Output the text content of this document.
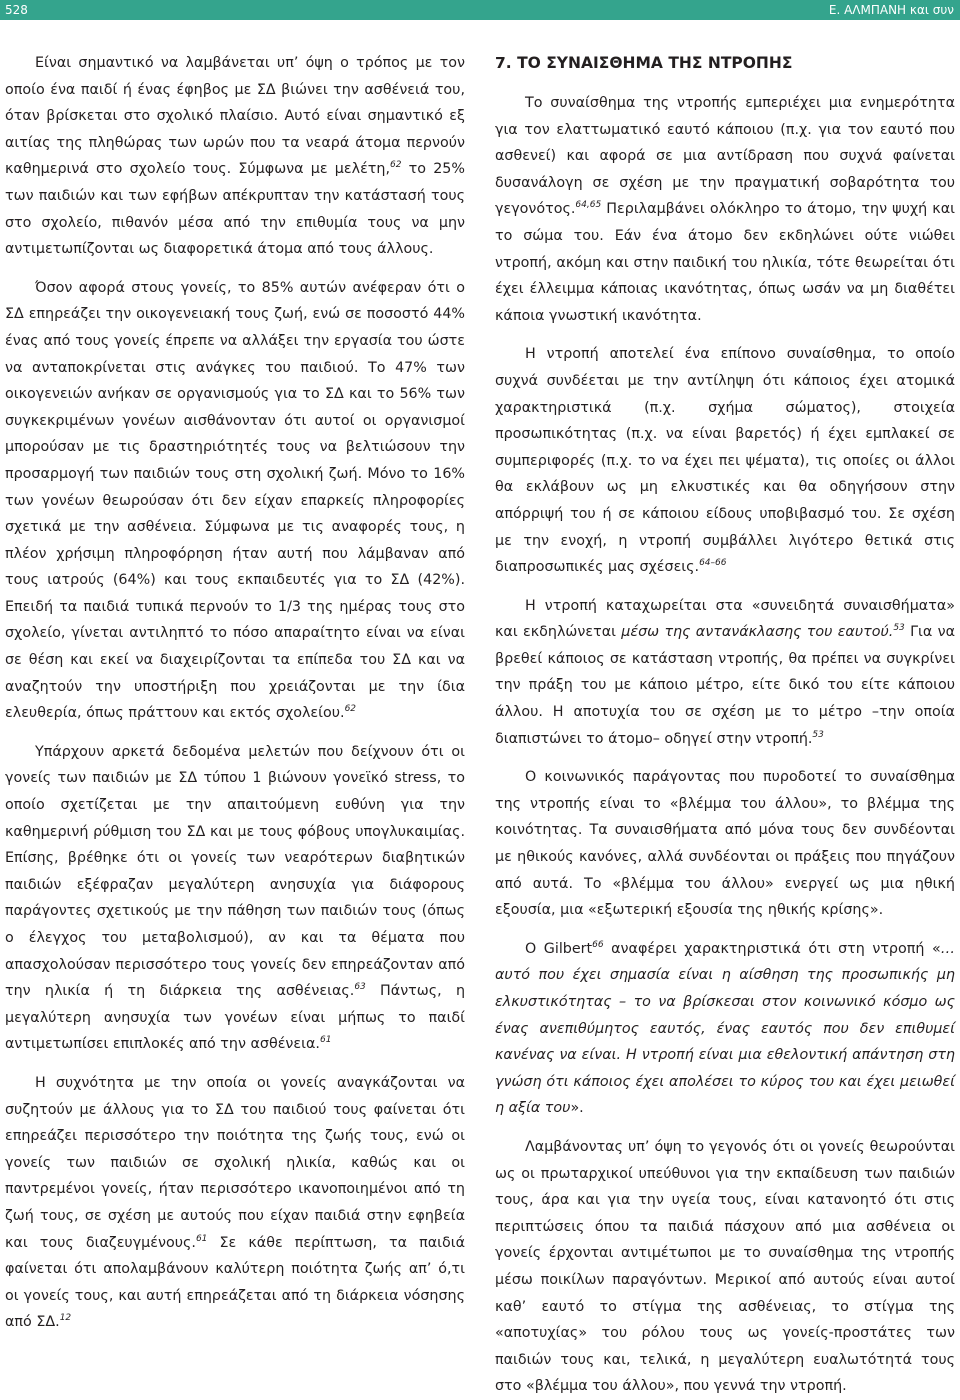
528	Ε. ΑΛΜΠΑΝΗ και συν

Είναι σημαντικό να λαμβάνεται υπ’ όψη ο τρόπος με τον οποίο ένα παιδί ή ένας έφηβος με ΣΔ βιώνει την ασθένειά του, όταν βρίσκεται στο σχολικό πλαίσιο. Αυτό είναι σημαντικό εξ αιτίας της πληθώρας των ωρών που τα νεαρά άτομα περνούν καθημερινά στο σχολείο τους. Σύμφωνα με μελέτη,$^{62}$ το 25% των παιδιών και των εφήβων απέκρυπταν την κατάστασή τους στο σχολείο, πιθανόν μέσα από την επιθυμία τους να μην αντιμετωπίζονται ως διαφορετικά άτομα από τους άλλους.

Όσον αφορά στους γονείς, το 85% αυτών ανέφεραν ότι ο ΣΔ επηρεάζει την οικογενειακή τους ζωή, ενώ σε ποσοστό 44% ένας από τους γονείς έπρεπε να αλλάξει την εργασία του ώστε να ανταποκρίνεται στις ανάγκες του παιδιού. Το 47% των οικογενειών ανήκαν σε οργανισμούς για το ΣΔ και το 56% των συγκεκριμένων γονέων αισθάνονταν ότι αυτοί οι οργανισμοί μπορούσαν με τις δραστηριότητές τους να βελτιώσουν την προσαρμογή των παιδιών τους στη σχολική ζωή. Μόνο το 16% των γονέων θεωρούσαν ότι δεν είχαν επαρκείς πληροφορίες σχετικά με την ασθένεια. Σύμφωνα με τις αναφορές τους, η πλέον χρήσιμη πληροφόρηση ήταν αυτή που λάμβαναν από τους ιατρούς (64%) και τους εκπαιδευτές για το ΣΔ (42%). Επειδή τα παιδιά τυπικά περνούν το 1/3 της ημέρας τους στο σχολείο, γίνεται αντιληπτό το πόσο απαραίτητο είναι να είναι σε θέση και εκεί να διαχειρίζονται τα επίπεδα του ΣΔ και να αναζητούν την υποστήριξη που χρειάζονται με την ίδια ελευθερία, όπως πράττουν και εκτός σχολείου.$^{62}$

Υπάρχουν αρκετά δεδομένα μελετών που δείχνουν ότι οι γονείς των παιδιών με ΣΔ τύπου 1 βιώνουν γονεϊκό stress, το οποίο σχετίζεται με την απαιτούμενη ευθύνη για την καθημερινή ρύθμιση του ΣΔ και με τους φόβους υπογλυκαιμίας. Επίσης, βρέθηκε ότι οι γονείς των νεαρότερων διαβητικών παιδιών εξέφραζαν μεγαλύτερη ανησυχία για διάφορους παράγοντες σχετικούς με την πάθηση των παιδιών τους (όπως ο έλεγχος του μεταβολισμού), αν και τα θέματα που απασχολούσαν περισσότερο τους γονείς δεν επηρεάζονταν από την ηλικία ή τη διάρκεια της ασθένειας.$^{63}$ Πάντως, η μεγαλύτερη ανησυχία των γονέων είναι μήπως το παιδί αντιμετωπίσει επιπλοκές από την ασθένεια.$^{61}$

Η συχνότητα με την οποία οι γονείς αναγκάζονται να συζητούν με άλλους για το ΣΔ του παιδιού τους φαίνεται ότι επηρεάζει περισσότερο την ποιότητα της ζωής τους, ενώ οι γονείς των παιδιών σε σχολική ηλικία, καθώς και οι παντρεμένοι γονείς, ήταν περισσότερο ικανοποιημένοι από τη ζωή τους, σε σχέση με αυτούς που είχαν παιδιά στην εφηβεία και τους διαζευγμένους.$^{61}$ Σε κάθε περίπτωση, τα παιδιά φαίνεται ότι απολαμβάνουν καλύτερη ποιότητα ζωής απ’ ό,τι οι γονείς τους, και αυτή επηρεάζεται από τη διάρκεια νόσησης από ΣΔ.$^{12}$

7. ΤΟ ΣΥΝΑΙΣΘΗΜΑ ΤΗΣ ΝΤΡΟΠΗΣ

Το συναίσθημα της ντροπής εμπεριέχει μια ενημερότητα για τον ελαττωματικό εαυτό κάποιου (π.χ. για τον εαυτό που ασθενεί) και αφορά σε μια αντίδραση που συχνά φαίνεται δυσανάλογη σε σχέση με την πραγματική σοβαρότητα του γεγονότος.$^{64,65}$ Περιλαμβάνει ολόκληρο το άτομο, την ψυχή και το σώμα του. Εάν ένα άτομο δεν εκδηλώνει ούτε νιώθει ντροπή, ακόμη και στην παιδική του ηλικία, τότε θεωρείται ότι έχει έλλειμμα κάποιας ικανότητας, όπως ωσάν να μη διαθέτει κάποια γνωστική ικανότητα.

Η ντροπή αποτελεί ένα επίπονο συναίσθημα, το οποίο συχνά συνδέεται με την αντίληψη ότι κάποιος έχει ατομικά χαρακτηριστικά (π.χ. σχήμα σώματος), στοιχεία προσωπικότητας (π.χ. να είναι βαρετός) ή έχει εμπλακεί σε συμπεριφορές (π.χ. το να έχει πει ψέματα), τις οποίες οι άλλοι θα εκλάβουν ως μη ελκυστικές και θα οδηγήσουν στην απόρριψή του ή σε κάποιου είδους υποβιβασμό του. Σε σχέση με την ενοχή, η ντροπή συμβάλλει λιγότερο θετικά στις διαπροσωπικές μας σχέσεις.$^{64-66}$

Η ντροπή καταχωρείται στα «συνειδητά συναισθήματα» και εκδηλώνεται μέσω της αντανάκλασης του εαυτού.$^{53}$ Για να βρεθεί κάποιος σε κατάσταση ντροπής, θα πρέπει να συγκρίνει την πράξη του με κάποιο μέτρο, είτε δικό του είτε κάποιου άλλου. Η αποτυχία του σε σχέση με το μέτρο –την οποία διαπιστώνει το άτομο– οδηγεί στην ντροπή.$^{53}$

Ο κοινωνικός παράγοντας που πυροδοτεί το συναίσθημα της ντροπής είναι το «βλέμμα του άλλου», το βλέμμα της κοινότητας. Τα συναισθήματα από μόνα τους δεν συνδέονται με ηθικούς κανόνες, αλλά συνδέονται οι πράξεις που πηγάζουν από αυτά. Το «βλέμμα του άλλου» ενεργεί ως μια ηθική εξουσία, μια «εξωτερική εξουσία της ηθικής κρίσης».

Ο Gilbert$^{66}$ αναφέρει χαρακτηριστικά ότι στη ντροπή «…αυτό που έχει σημασία είναι η αίσθηση της προσωπικής μη ελκυστικότητας – το να βρίσκεσαι στον κοινωνικό κόσμο ως ένας ανεπιθύμητος εαυτός, ένας εαυτός που δεν επιθυμεί κανένας να είναι. Η ντροπή είναι μια εθελοντική απάντηση στη γνώση ότι κάποιος έχει απολέσει το κύρος του και έχει μειωθεί η αξία του».

Λαμβάνοντας υπ’ όψη το γεγονός ότι οι γονείς θεωρούνται ως οι πρωταρχικοί υπεύθυνοι για την εκπαίδευση των παιδιών τους, άρα και για την υγεία τους, είναι κατανοητό ότι στις περιπτώσεις όπου τα παιδιά πάσχουν από μια ασθένεια οι γονείς έρχονται αντιμέτωποι με το συναίσθημα της ντροπής μέσω ποικίλων παραγόντων. Μερικοί από αυτούς είναι αυτοί καθ’ εαυτό το στίγμα της ασθένειας, το στίγμα της «αποτυχίας» του ρόλου τους ως γονείς-προστάτες των παιδιών τους και, τελικά, η μεγαλύτερη ευαλωτότητά τους στο «βλέμμα του άλλου», που γεννά την ντροπή.
